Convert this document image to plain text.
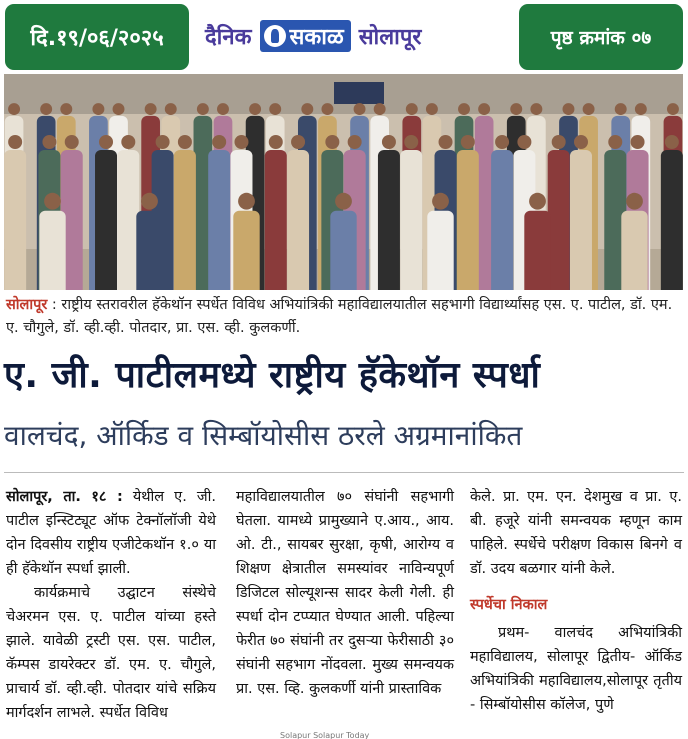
दि.१९/०६/२०२५	दैनिक सकाळ सोलापूर	पृष्ठ क्रमांक ०७
सोलापूर : राष्ट्रीय स्तरावरील हॅकेथॉन स्पर्धेत विविध अभियांत्रिकी महाविद्यालयातील सहभागी विद्यार्थ्यांसह एस. ए. पाटील, डॉ. एम. ए. चौगुले, डॉ. व्ही.व्ही. पोतदार, प्रा. एस. व्ही. कुलकर्णी.
ए. जी. पाटीलमध्ये राष्ट्रीय हॅकेथॉन स्पर्धा
वालचंद, ऑर्किड व सिम्बॉयोसीस ठरले अग्रमानांकित

सोलापूर, ता. १८ : येथील ए. जी. पाटील इन्स्टिट्यूट ऑफ टेक्नॉलॉजी येथे दोन दिवसीय राष्ट्रीय एजीटेकथॉन १.० या ही हॅकेथॉन स्पर्धा झाली.

कार्यक्रमाचे उद्घाटन संस्थेचे चेअरमन एस. ए. पाटील यांच्या हस्ते झाले. यावेळी ट्रस्टी एस. एस. पाटील, कॅम्पस डायरेक्टर डॉ. एम. ए. चौगुले, प्राचार्य डॉ. व्ही.व्ही. पोतदार यांचे सक्रिय मार्गदर्शन लाभले. स्पर्धेत विविध

महाविद्यालयातील ७० संघांनी सहभागी घेतला. यामध्ये प्रामुख्याने ए.आय., आय. ओ. टी., सायबर सुरक्षा, कृषी, आरोग्य व शिक्षण क्षेत्रातील समस्यांवर नाविन्यपूर्ण डिजिटल सोल्यूशन्स सादर केली गेली. ही स्पर्धा दोन टप्प्यात घेण्यात आली. पहिल्या फेरीत ७० संघांनी तर दुसऱ्या फेरीसाठी ३० संघांनी सहभाग नोंदवला. मुख्य समन्वयक प्रा. एस. व्हि. कुलकर्णी यांनी प्रास्ताविक

केले. प्रा. एम. एन. देशमुख व प्रा. ए. बी. हजूरे यांनी समन्वयक म्हणून काम पाहिले. स्पर्धेचे परीक्षण विकास बिनगे व डॉ. उदय बळगार यांनी केले.

स्पर्धेचा निकाल

प्रथम- वालचंद अभियांत्रिकी महाविद्यालय, सोलापूर द्वितीय- ऑर्किड अभियांत्रिकी महाविद्यालय,सोलापूर तृतीय - सिम्बॉयोसीस कॉलेज, पुणे

Solapur Solapur Today
